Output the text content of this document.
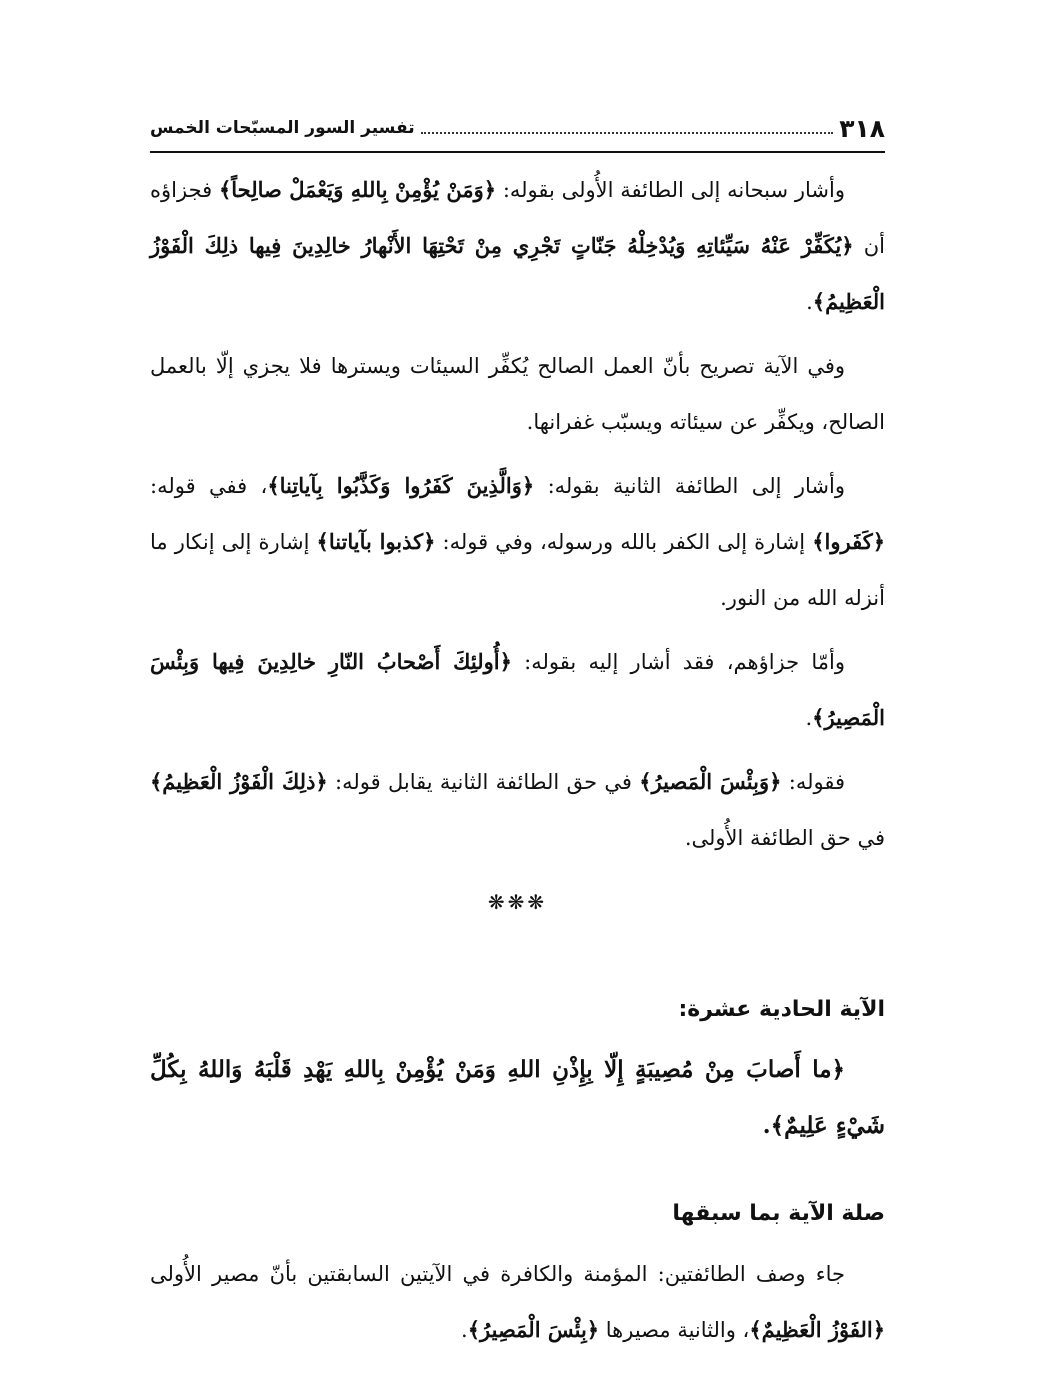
٣١٨
تفسير السور المسبّحات الخمس

وأشار سبحانه إلى الطائفة الأُولى بقوله: ﴿وَمَنْ يُؤْمِنْ بِاللهِ وَيَعْمَلْ صالِحاً﴾ فجزاؤه أن ﴿يُكَفِّرْ عَنْهُ سَيِّئاتِهِ وَيُدْخِلْهُ جَنّاتٍ تَجْرِي مِنْ تَحْتِهَا الأَنْهارُ خالِدِينَ فِيها ذلِكَ الْفَوْزُ الْعَظِيمُ﴾.

وفي الآية تصريح بأنّ العمل الصالح يُكفِّر السيئات ويسترها فلا يجزي إلّا بالعمل الصالح، ويكفِّر عن سيئاته ويسبّب غفرانها.

وأشار إلى الطائفة الثانية بقوله: ﴿وَالَّذِينَ كَفَرُوا وَكَذَّبُوا بِآياتِنا﴾، ففي قوله: ﴿كَفَروا﴾ إشارة إلى الكفر بالله ورسوله، وفي قوله: ﴿كذبوا بآياتنا﴾ إشارة إلى إنكار ما أنزله الله من النور.

وأمّا جزاؤهم، فقد أشار إليه بقوله: ﴿أُولئِكَ أَصْحابُ النّارِ خالِدِينَ فِيها وَبِئْسَ الْمَصِيرُ﴾.

فقوله: ﴿وَبِئْسَ الْمَصيرُ﴾ في حق الطائفة الثانية يقابل قوله: ﴿ذلِكَ الْفَوْزُ الْعَظِيمُ﴾ في حق الطائفة الأُولى.

❋❋❋
الآية الحادية عشرة:

﴿ما أَصابَ مِنْ مُصِيبَةٍ إِلّا بِإِذْنِ اللهِ وَمَنْ يُؤْمِنْ بِاللهِ يَهْدِ قَلْبَهُ وَاللهُ بِكُلِّ شَيْءٍ عَلِيمٌ﴾.

صلة الآية بما سبقها

جاء وصف الطائفتين: المؤمنة والكافرة في الآيتين السابقتين بأنّ مصير الأُولى ﴿الفَوْزُ الْعَظِيمٌ﴾، والثانية مصيرها ﴿بِئْسَ الْمَصِيرُ﴾.
